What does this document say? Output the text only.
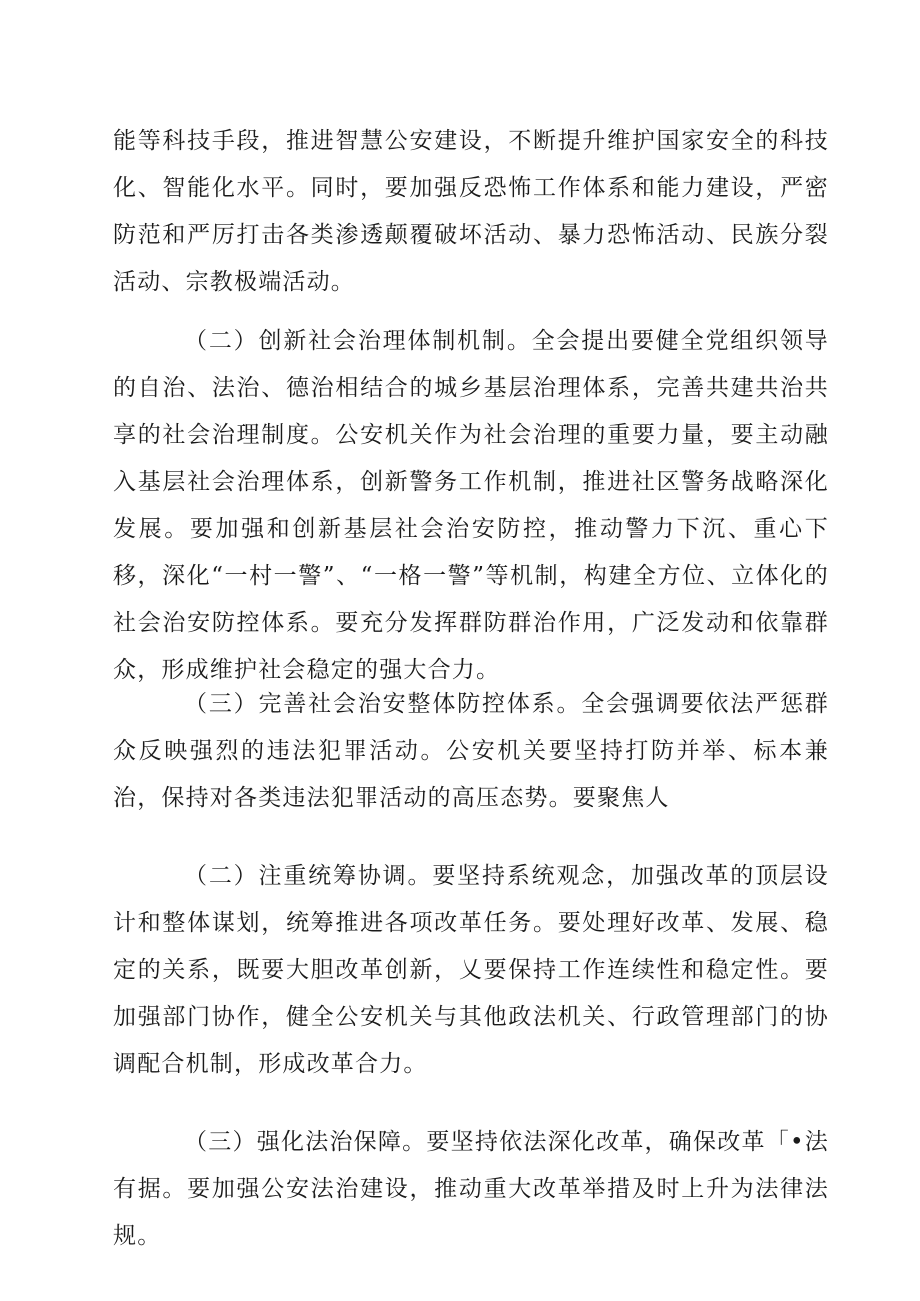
能等科技手段，推进智慧公安建设，不断提升维护国家安全的科技化、智能化水平。同时，要加强反恐怖工作体系和能力建设，严密防范和严厉打击各类渗透颠覆破坏活动、暴力恐怖活动、民族分裂活动、宗教极端活动。

（二）创新社会治理体制机制。全会提出要健全党组织领导的自治、法治、德治相结合的城乡基层治理体系，完善共建共治共享的社会治理制度。公安机关作为社会治理的重要力量，要主动融入基层社会治理体系，创新警务工作机制，推进社区警务战略深化发展。要加强和创新基层社会治安防控，推动警力下沉、重心下移，深化“一村一警”、“一格一警”等机制，构建全方位、立体化的社会治安防控体系。要充分发挥群防群治作用，广泛发动和依靠群众，形成维护社会稳定的强大合力。

（三）完善社会治安整体防控体系。全会强调要依法严惩群众反映强烈的违法犯罪活动。公安机关要坚持打防并举、标本兼治，保持对各类违法犯罪活动的高压态势。要聚焦人

（二）注重统筹协调。要坚持系统观念，加强改革的顶层设计和整体谋划，统筹推进各项改革任务。要处理好改革、发展、稳定的关系，既要大胆改革创新，乂要保持工作连续性和稳定性。要加强部门协作，健全公安机关与其他政法机关、行政管理部门的协调配合机制，形成改革合力。

（三）强化法治保障。要坚持依法深化改革，确保改革「•法有据。要加强公安法治建设，推动重大改革举措及时上升为法律法规。
